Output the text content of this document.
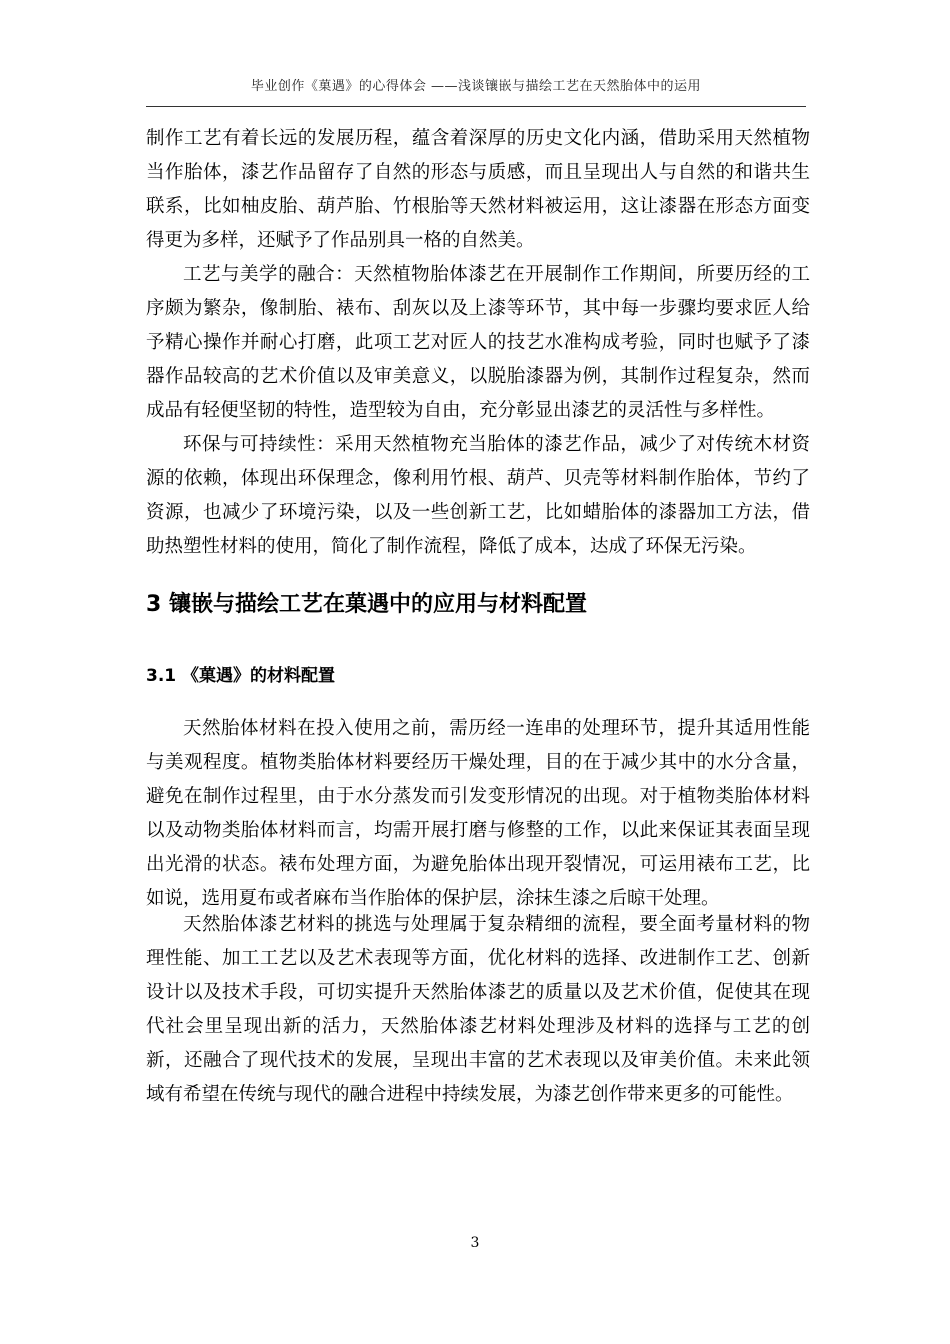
毕业创作《菓遇》的心得体会 ——浅谈镶嵌与描绘工艺在天然胎体中的运用

制作工艺有着长远的发展历程，蕴含着深厚的历史文化内涵，借助采用天然植物当作胎体，漆艺作品留存了自然的形态与质感，而且呈现出人与自然的和谐共生联系，比如柚皮胎、葫芦胎、竹根胎等天然材料被运用，这让漆器在形态方面变得更为多样，还赋予了作品别具一格的自然美。

工艺与美学的融合：天然植物胎体漆艺在开展制作工作期间，所要历经的工序颇为繁杂，像制胎、裱布、刮灰以及上漆等环节，其中每一步骤均要求匠人给予精心操作并耐心打磨，此项工艺对匠人的技艺水准构成考验，同时也赋予了漆器作品较高的艺术价值以及审美意义，以脱胎漆器为例，其制作过程复杂，然而成品有轻便坚韧的特性，造型较为自由，充分彰显出漆艺的灵活性与多样性。

环保与可持续性：采用天然植物充当胎体的漆艺作品，减少了对传统木材资源的依赖，体现出环保理念，像利用竹根、葫芦、贝壳等材料制作胎体，节约了资源，也减少了环境污染，以及一些创新工艺，比如蜡胎体的漆器加工方法，借助热塑性材料的使用，简化了制作流程，降低了成本，达成了环保无污染。

3 镶嵌与描绘工艺在菓遇中的应用与材料配置
3.1 《菓遇》的材料配置

天然胎体材料在投入使用之前，需历经一连串的处理环节，提升其适用性能与美观程度。植物类胎体材料要经历干燥处理，目的在于减少其中的水分含量，避免在制作过程里，由于水分蒸发而引发变形情况的出现。对于植物类胎体材料以及动物类胎体材料而言，均需开展打磨与修整的工作，以此来保证其表面呈现出光滑的状态。裱布处理方面，为避免胎体出现开裂情况，可运用裱布工艺，比如说，选用夏布或者麻布当作胎体的保护层，涂抹生漆之后晾干处理。

天然胎体漆艺材料的挑选与处理属于复杂精细的流程，要全面考量材料的物理性能、加工工艺以及艺术表现等方面，优化材料的选择、改进制作工艺、创新设计以及技术手段，可切实提升天然胎体漆艺的质量以及艺术价值，促使其在现代社会里呈现出新的活力，天然胎体漆艺材料处理涉及材料的选择与工艺的创新，还融合了现代技术的发展，呈现出丰富的艺术表现以及审美价值。未来此领域有希望在传统与现代的融合进程中持续发展，为漆艺创作带来更多的可能性。

3
